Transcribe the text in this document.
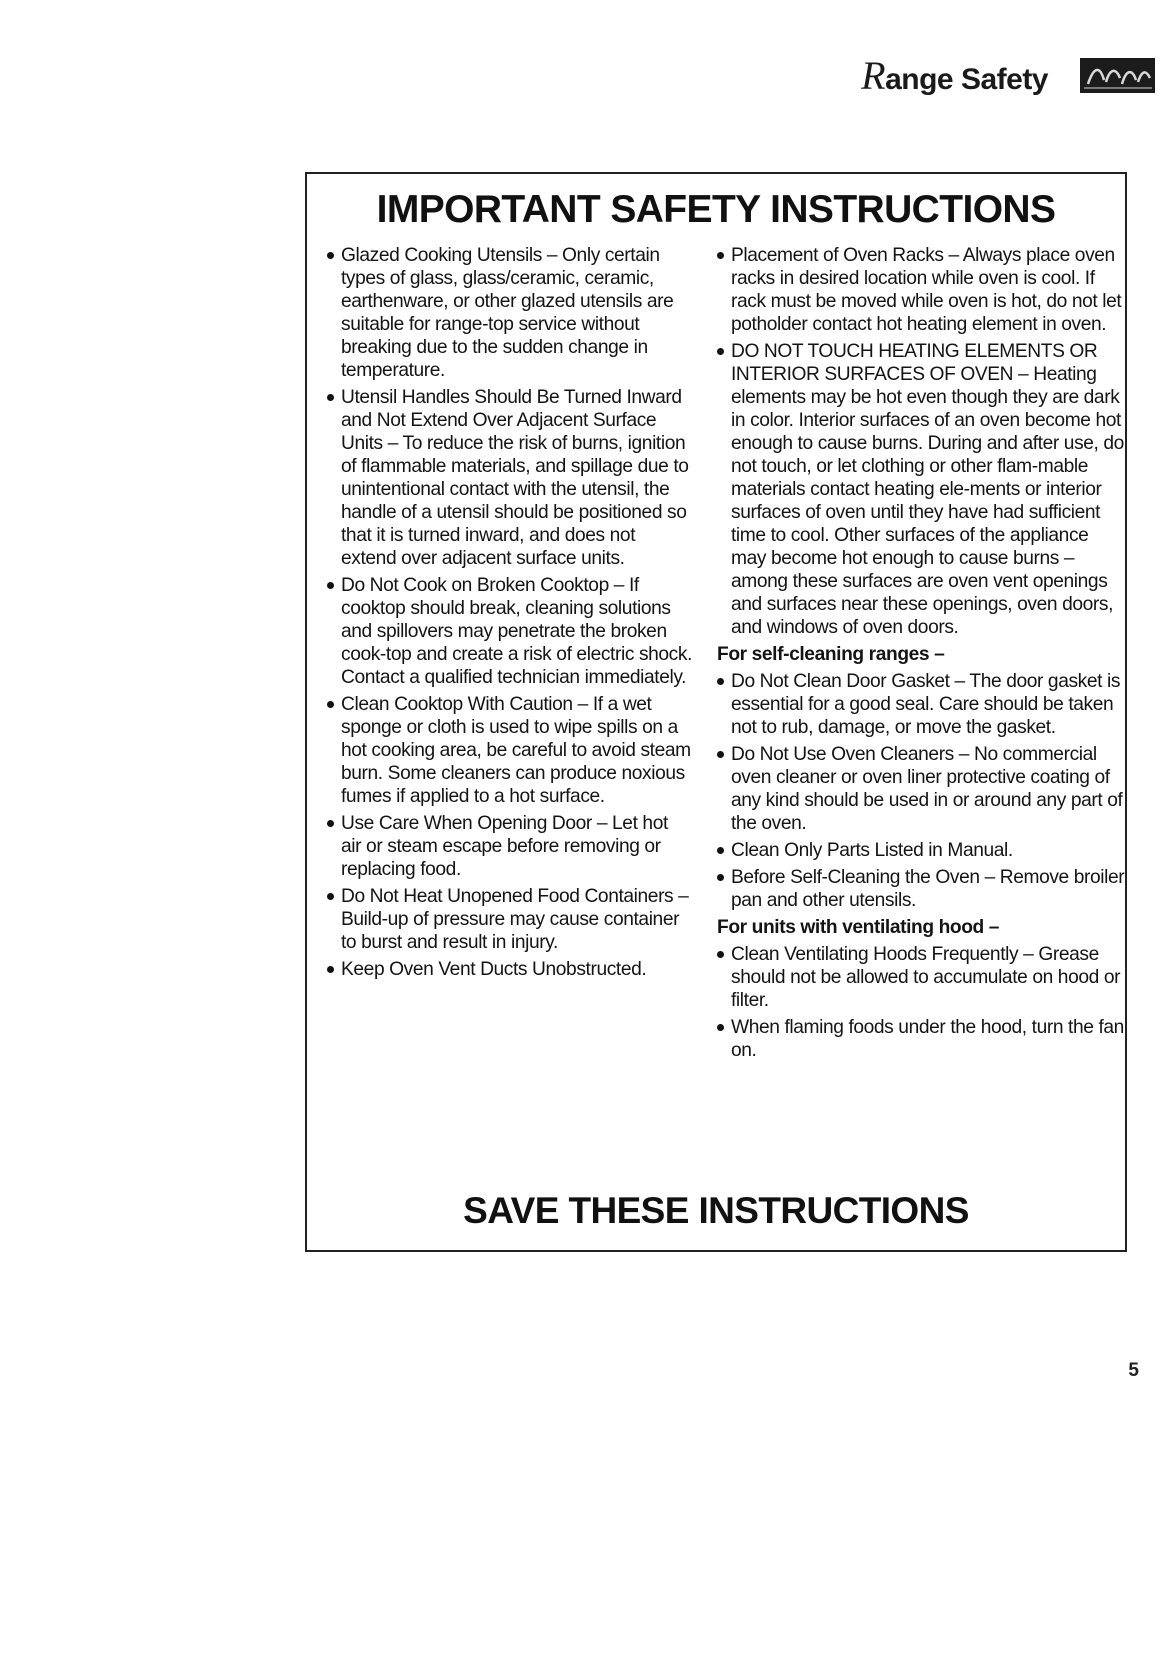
Range Safety
IMPORTANT SAFETY INSTRUCTIONS
Glazed Cooking Utensils – Only certain types of glass, glass/ceramic, ceramic, earthenware, or other glazed utensils are suitable for range-top service without breaking due to the sudden change in temperature.
Utensil Handles Should Be Turned Inward and Not Extend Over Adjacent Surface Units – To reduce the risk of burns, ignition of flammable materials, and spillage due to unintentional contact with the utensil, the handle of a utensil should be positioned so that it is turned inward, and does not extend over adjacent surface units.
Do Not Cook on Broken Cooktop – If cooktop should break, cleaning solutions and spillovers may penetrate the broken cook-top and create a risk of electric shock. Contact a qualified technician immediately.
Clean Cooktop With Caution – If a wet sponge or cloth is used to wipe spills on a hot cooking area, be careful to avoid steam burn. Some cleaners can produce noxious fumes if applied to a hot surface.
Use Care When Opening Door – Let hot air or steam escape before removing or replacing food.
Do Not Heat Unopened Food Containers – Build-up of pressure may cause container to burst and result in injury.
Keep Oven Vent Ducts Unobstructed.
Placement of Oven Racks – Always place oven racks in desired location while oven is cool. If rack must be moved while oven is hot, do not let potholder contact hot heating element in oven.
DO NOT TOUCH HEATING ELEMENTS OR INTERIOR SURFACES OF OVEN – Heating elements may be hot even though they are dark in color. Interior surfaces of an oven become hot enough to cause burns. During and after use, do not touch, or let clothing or other flam-mable materials contact heating ele-ments or interior surfaces of oven until they have had sufficient time to cool. Other surfaces of the appliance may become hot enough to cause burns – among these surfaces are oven vent openings and surfaces near these openings, oven doors, and windows of oven doors.
For self-cleaning ranges –
Do Not Clean Door Gasket – The door gasket is essential for a good seal. Care should be taken not to rub, damage, or move the gasket.
Do Not Use Oven Cleaners – No commercial oven cleaner or oven liner protective coating of any kind should be used in or around any part of the oven.
Clean Only Parts Listed in Manual.
Before Self-Cleaning the Oven – Remove broiler pan and other utensils.
For units with ventilating hood –
Clean Ventilating Hoods Frequently – Grease should not be allowed to accumulate on hood or filter.
When flaming foods under the hood, turn the fan on.
SAVE THESE INSTRUCTIONS
5
